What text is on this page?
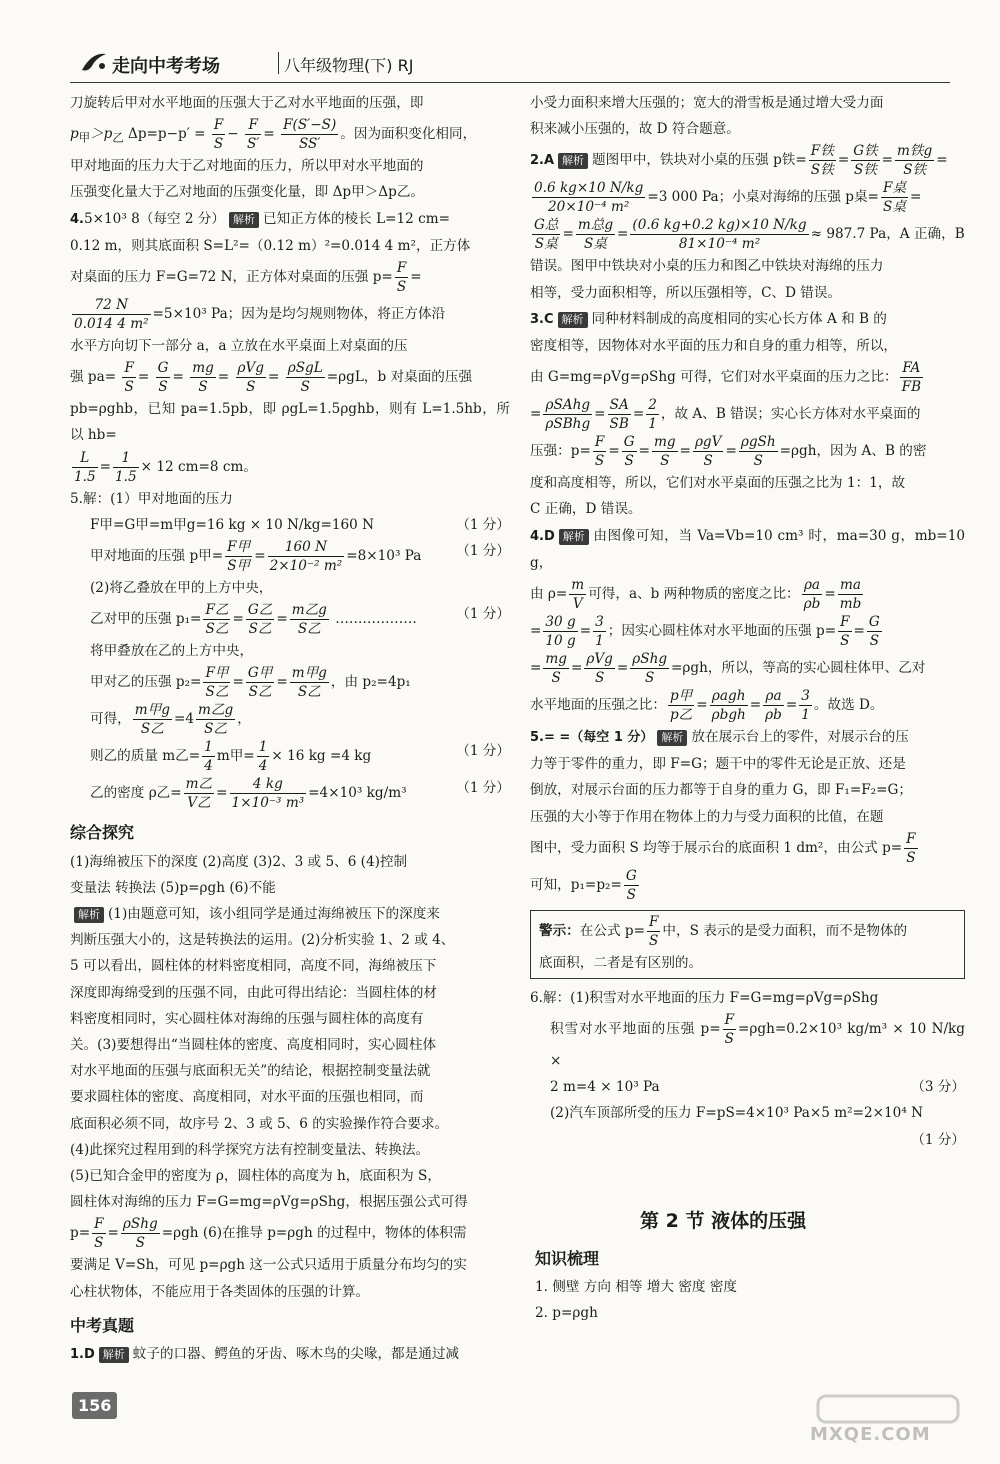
走向中考考场	八年级物理(下) RJ

刀旋转后甲对水平地面的压强大于乙对水平地面的压强，即

$p_甲>p_乙$ $\Delta p=p-p' = \frac{F}{S} - \frac{F}{S'} = \frac{F(S'-S)}{SS'}$ 。因为面积变化相同，

甲对地面的压力大于乙对地面的压力，所以甲对水平地面的

压强变化量大于乙对地面的压强变化量，即 Δp甲＞Δp乙。

4.5×10³ 8（每空 2 分） 解析 已知正方体的棱长 L=12 cm=

0.12 m，则其底面积 S=L²=（0.12 m）²=0.014 4 m²，正方体

对桌面的压力 F=G=72 N，正方体对桌面的压强 $p= \frac{F}{S}$ =

$\frac{72 N}{\text{0.014 4 m²}} =5\times 10^3$ Pa；因为是均匀规则物体，将正方体沿

水平方向切下一部分 a，a 立放在水平桌面上对桌面的压

强 $pa= \frac{F}{S} = \frac{G}{S} = \frac{mg}{S} = \frac{\text{ρVg}}{S} = \frac{\text{ρSgL}}{S} =\rho gL$，b 对桌面的压强

pb=ρghb，已知 pa=1.5pb，即 ρgL=1.5ρghb，则有 L=1.5hb，所以 hb=

$\frac{L}{1.5} = \frac{1}{1.5} \times 12$ cm=8 cm。

5.解：(1）甲对地面的压力

F甲=G甲=m甲g=16 kg × 10 N/kg=160 N	（1 分）

甲对地面的压强 p甲= $\frac{\text{F甲}}{\text{S甲}} = \frac{160 N}{\text{2×10⁻² m²}} =8\times 10^3$ Pa	（1 分）

(2)将乙叠放在甲的上方中央，

乙对甲的压强 $p_1= \frac{\text{F乙}}{\text{S乙}} = \frac{\text{G乙}}{\text{S乙}} = \frac{\text{m乙g}}{\text{S乙}}$ ………………	（1 分）

将甲叠放在乙的上方中央，

甲对乙的压强 $p_2= \frac{\text{F甲}}{\text{S乙}} = \frac{\text{G甲}}{\text{S乙}} = \frac{\text{m甲g}}{\text{S乙}}$ ，由 p₂=4p₁

可得， $\frac{\text{m甲g}}{\text{S乙}} =4 \frac{\text{m乙g}}{\text{S乙}}$ ，

则乙的质量 m乙= $\frac{1}{4}$ m甲= $\frac{1}{4} \times 16$ kg =4 kg	（1 分）

乙的密度 ρ乙= $\frac{\text{m乙}}{\text{V乙}} = \frac{4 kg}{\text{1×10⁻³ m³}} =4\times 10^3$ kg/m³	（1 分）

综合探究

(1)海绵被压下的深度 (2)高度 (3)2、3 或 5、6 (4)控制

变量法 转换法 (5)p=ρgh (6)不能

解析 (1)由题意可知，该小组同学是通过海绵被压下的深度来

判断压强大小的，这是转换法的运用。(2)分析实验 1、2 或 4、

5 可以看出，圆柱体的材料密度相同，高度不同，海绵被压下

深度即海绵受到的压强不同，由此可得出结论：当圆柱体的材

料密度相同时，实心圆柱体对海绵的压强与圆柱体的高度有

关。(3)要想得出“当圆柱体的密度、高度相同时，实心圆柱体

对水平地面的压强与底面积无关”的结论，根据控制变量法就

要求圆柱体的密度、高度相同，对水平面的压强也相同，而

底面积必须不同，故序号 2、3 或 5、6 的实验操作符合要求。

(4)此探究过程用到的科学探究方法有控制变量法、转换法。

(5)已知合金甲的密度为 ρ，圆柱体的高度为 h，底面积为 S，

圆柱体对海绵的压力 F=G=mg=ρVg=ρShg，根据压强公式可得

$p= \frac{F}{S} = \frac{\text{ρShg}}{S} =\rho gh$ (6)在推导 p=ρgh 的过程中，物体的体积需

要满足 V=Sh，可见 p=ρgh 这一公式只适用于质量分布均匀的实

心柱状物体，不能应用于各类固体的压强的计算。

中考真题

1.D 解析 蚊子的口器、鳄鱼的牙齿、啄木鸟的尖喙，都是通过减

小受力面积来增大压强的；宽大的滑雪板是通过增大受力面

积来减小压强的，故 D 符合题意。

2.A 解析 题图甲中，铁块对小桌的压强 p铁= $\frac{\text{F铁}}{\text{S铁}} = \frac{\text{G铁}}{\text{S铁}} = \frac{\text{m铁g}}{\text{S铁}}$ =

$\frac{0.6 kg\times 10 N/kg}{\text{20×10⁻⁴ m²}} =3$ 000 Pa；小桌对海绵的压强 p桌= $\frac{\text{F桌}}{\text{S桌}}$ =

$\frac{\text{G总}}{\text{S桌}} = \frac{\text{m总g}}{\text{S桌}} = \frac{(0.6 kg+0.2 kg)\times 10 N/kg}{\text{81×10⁻⁴ m²}} \approx 987.7$ Pa，A 正确，B

错误。图甲中铁块对小桌的压力和图乙中铁块对海绵的压力

相等，受力面积相等，所以压强相等，C、D 错误。

3.C 解析 同种材料制成的高度相同的实心长方体 A 和 B 的

密度相等，因物体对水平面的压力和自身的重力相等，所以，

由 G=mg=ρVg=ρShg 可得，它们对水平桌面的压力之比： $\frac{FA}{FB}$

= $\frac{\text{ρSAhg}}{\text{ρSBhg}} = \frac{SA}{SB} = \frac{2}{1}$ ，故 A、B 错误；实心长方体对水平桌面的

压强：$p= \frac{F}{S} = \frac{G}{S} = \frac{mg}{S} = \frac{\text{ρgV}}{S} = \frac{\text{ρgSh}}{S} =\rho gh$，因为 A、B 的密

度和高度相等，所以，它们对水平桌面的压强之比为 1：1，故

C 正确，D 错误。

4.D 解析 由图像可知，当 Va=Vb=10 cm³ 时，ma=30 g，mb=10 g，

由 $\rho= \frac{m}{V}$ 可得，a、b 两种物质的密度之比： $\frac{\rho a}{\rho b} = \frac{ma}{mb}$

= $\frac{30 g}{10 g} = \frac{3}{1}$ ；因实心圆柱体对水平地面的压强 $p= \frac{F}{S} = \frac{G}{S}$

= $\frac{mg}{S} = \frac{\text{ρVg}}{S} = \frac{\text{ρShg}}{S} =\rho gh$，所以，等高的实心圆柱体甲、乙对

水平地面的压强之比： $\frac{\text{p甲}}{\text{p乙}} = \frac{\text{ρagh}}{\text{ρbgh}} = \frac{\rho a}{\rho b} = \frac{3}{1}$ 。故选 D。

5.= =（每空 1 分） 解析 放在展示台上的零件，对展示台的压

力等于零件的重力，即 F=G；题干中的零件无论是正放、还是

倒放，对展示台面的压力都等于自身的重力 G，即 F₁=F₂=G；

压强的大小等于作用在物体上的力与受力面积的比值，在题

图中，受力面积 S 均等于展示台的底面积 1 dm²，由公式 $p= \frac{F}{S}$

可知，$p_1=p_2= \frac{G}{S}$

警示：在公式 $p= \frac{F}{S}$ 中，S 表示的是受力面积，而不是物体的
底面积，二者是有区别的。

6.解：(1)积雪对水平地面的压力 F=G=mg=ρVg=ρShg

积雪对水平地面的压强 $p= \frac{F}{S} =\rho gh=0.2\times 10^3$ kg/m³ × 10 N/kg ×

2 m=4 × 10³ Pa	（3 分）

(2)汽车顶部所受的压力 F=pS=4×10³ Pa×5 m²=2×10⁴ N
（1 分）

第 2 节 液体的压强
知识梳理
1. 侧壁 方向 相等 增大 密度 密度
2. p=ρgh
156
MXQE.COM
